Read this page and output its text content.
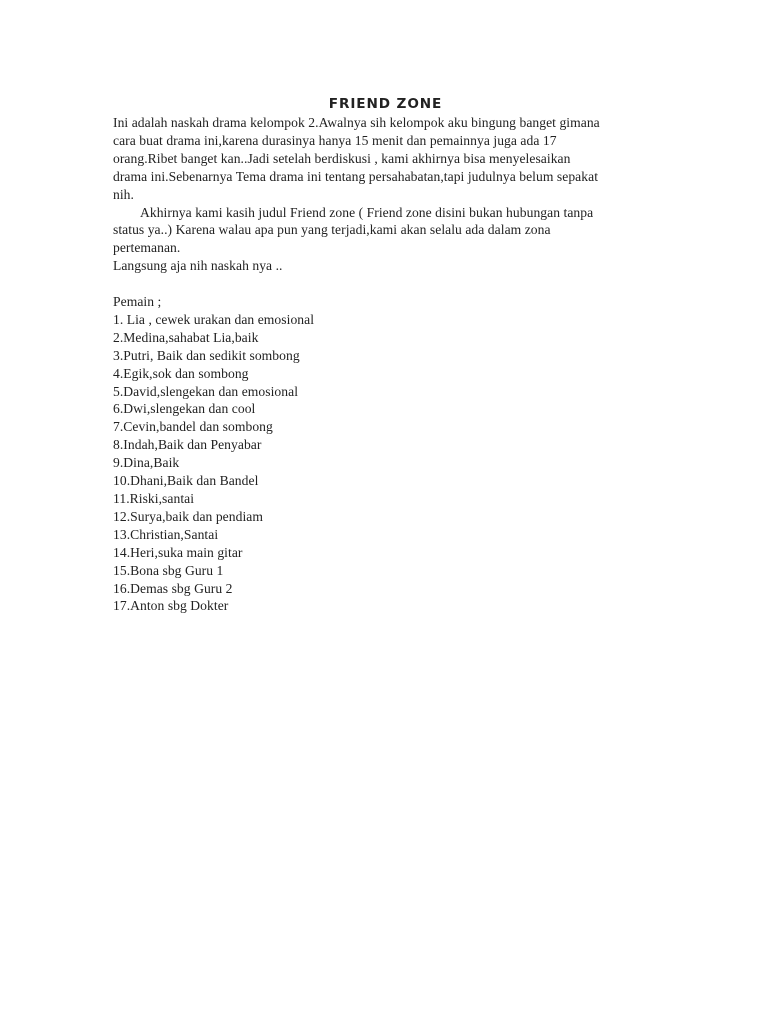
FRIEND ZONE
Ini adalah naskah drama kelompok 2.Awalnya sih kelompok aku bingung banget gimana
cara buat drama ini,karena durasinya hanya 15 menit dan pemainnya juga ada 17
orang.Ribet banget kan..Jadi setelah berdiskusi , kami akhirnya bisa menyelesaikan
drama ini.Sebenarnya Tema drama ini tentang persahabatan,tapi judulnya belum sepakat
nih.
Akhirnya kami kasih judul Friend zone ( Friend zone disini bukan hubungan tanpa
status ya..) Karena walau apa pun yang terjadi,kami akan selalu ada dalam zona
pertemanan.
Langsung aja nih naskah nya ..
Pemain ;
1. Lia , cewek urakan dan emosional
2.Medina,sahabat Lia,baik
3.Putri, Baik dan sedikit sombong
4.Egik,sok dan sombong
5.David,slengekan dan emosional
6.Dwi,slengekan dan cool
7.Cevin,bandel dan sombong
8.Indah,Baik dan Penyabar
9.Dina,Baik
10.Dhani,Baik dan Bandel
11.Riski,santai
12.Surya,baik dan pendiam
13.Christian,Santai
14.Heri,suka main gitar
15.Bona sbg Guru 1
16.Demas sbg Guru 2
17.Anton sbg Dokter
